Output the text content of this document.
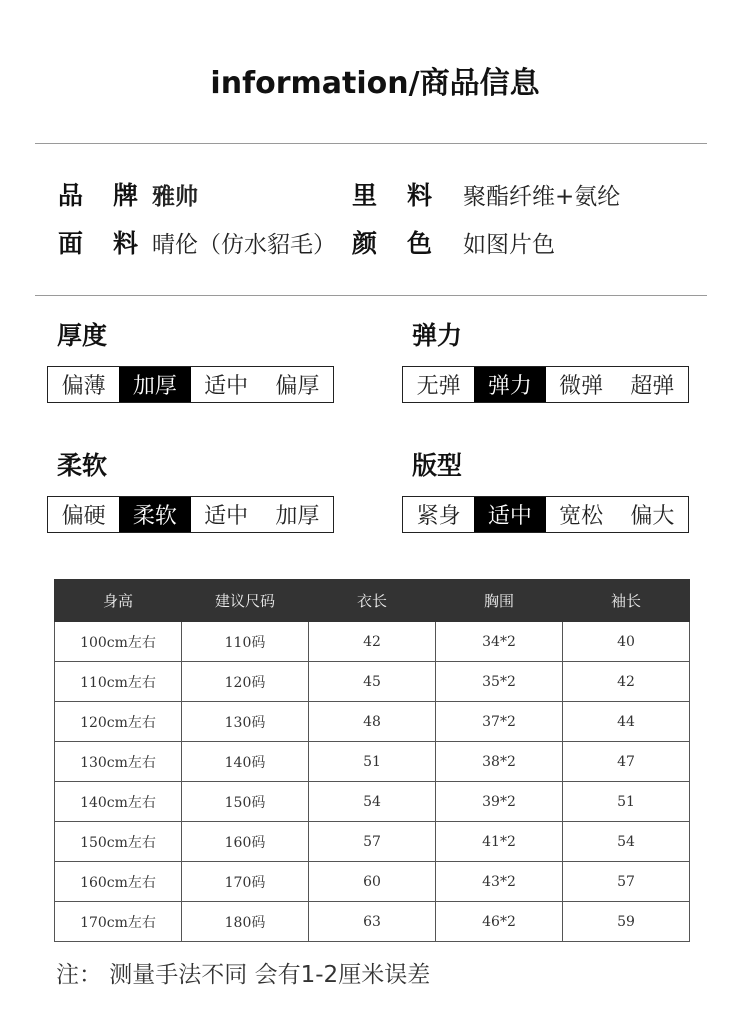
information/商品信息
品 牌 雅帅	里 料 聚酯纤维+氨纶
面 料 晴伦（仿水貂毛） 颜 色 如图片色
厚度
偏薄	加厚	适中	偏厚
弹力
无弹	弹力	微弹	超弹
柔软
偏硬	柔软	适中	加厚
版型
紧身	适中	宽松	偏大
身高	建议尺码	衣长	胸围	袖长
100cm左右	110码	42	34*2	40
110cm左右	120码	45	35*2	42
120cm左右	130码	48	37*2	44
130cm左右	140码	51	38*2	47
140cm左右	150码	54	39*2	51
150cm左右	160码	57	41*2	54
160cm左右	170码	60	43*2	57
170cm左右	180码	63	46*2	59
注： 测量手法不同 会有1-2厘米误差
